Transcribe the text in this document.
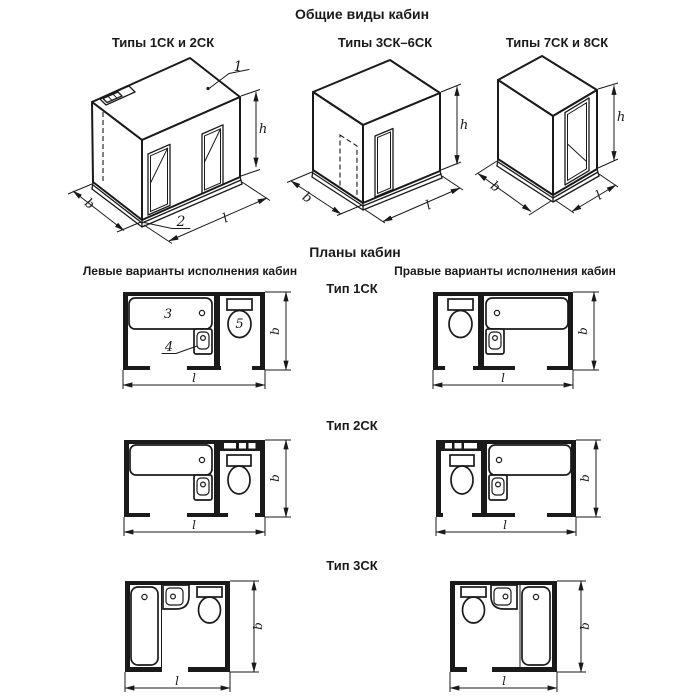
Общие виды кабин
Типы 1СК и 2СК	Типы 3СК–6СК	Типы 7СК и 8СК
h
b
l
1
2
h
b	l
h
b
l
Планы кабин
Левые варианты исполнения кабин	Правые варианты исполнения кабин
Тип 1СК
Тип 2СК
Тип 3СК
3
4
5 b
l
b
l
b
l
b
l
b
l
b
l
